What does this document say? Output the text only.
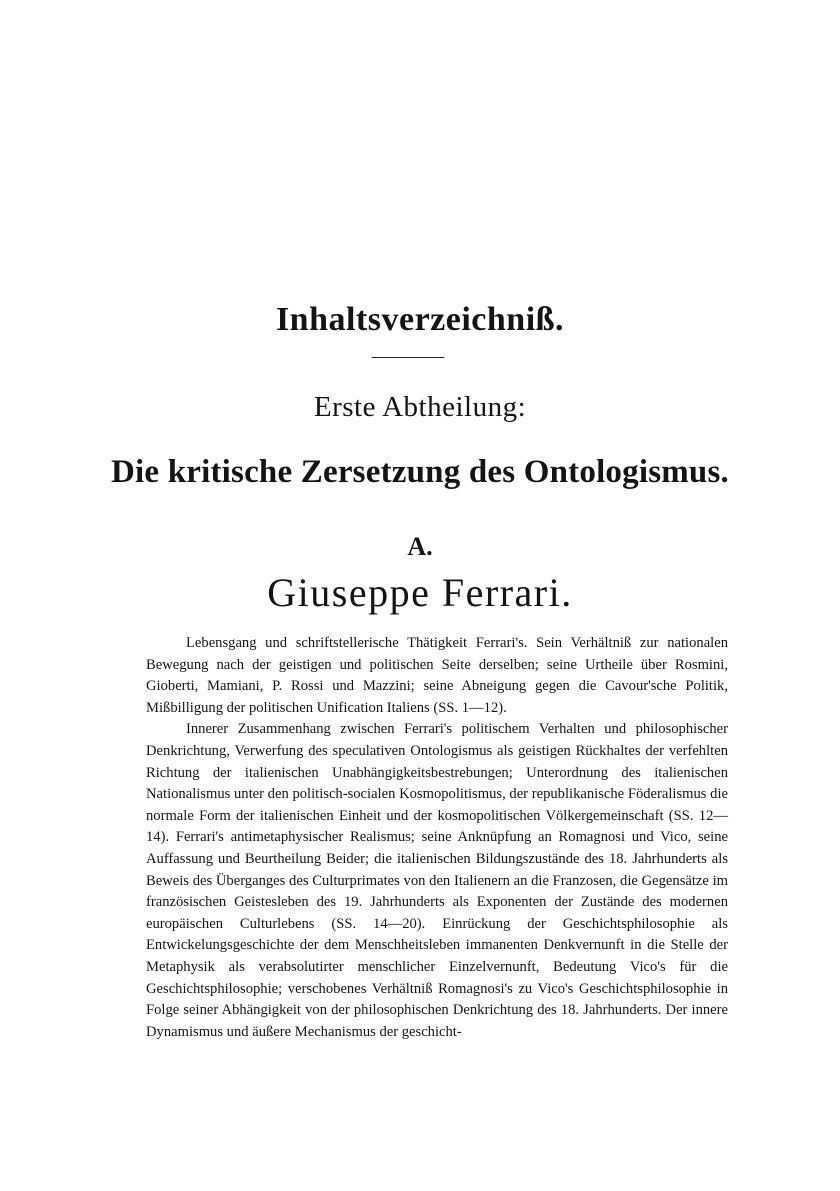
Inhaltsverzeichniß.
Erste Abtheilung:
Die kritische Zersetzung des Ontologismus.
A.
Giuseppe Ferrari.

Lebensgang und schriftstellerische Thätigkeit Ferrari's. Sein Verhältniß zur nationalen Bewegung nach der geistigen und politischen Seite derselben; seine Urtheile über Rosmini, Gioberti, Mamiani, P. Rossi und Mazzini; seine Abneigung gegen die Cavour'sche Politik, Mißbilligung der politischen Unification Italiens (SS. 1—12).

Innerer Zusammenhang zwischen Ferrari's politischem Verhalten und philosophischer Denkrichtung, Verwerfung des speculativen Ontologismus als geistigen Rückhaltes der verfehlten Richtung der italienischen Unabhängigkeitsbestrebungen; Unterordnung des italienischen Nationalismus unter den politisch-socialen Kosmopolitismus, der republikanische Föderalismus die normale Form der italienischen Einheit und der kosmopolitischen Völkergemeinschaft (SS. 12—14). Ferrari's antimetaphysischer Realismus; seine Anknüpfung an Romagnosi und Vico, seine Auffassung und Beurtheilung Beider; die italienischen Bildungszustände des 18. Jahrhunderts als Beweis des Überganges des Culturprimates von den Italienern an die Franzosen, die Gegensätze im französischen Geistesleben des 19. Jahrhunderts als Exponenten der Zustände des modernen europäischen Culturlebens (SS. 14—20). Einrückung der Geschichtsphilosophie als Entwickelungsgeschichte der dem Menschheitsleben immanenten Denkvernunft in die Stelle der Metaphysik als verabsolutirter menschlicher Einzelvernunft, Bedeutung Vico's für die Geschichtsphilosophie; verschobenes Verhältniß Romagnosi's zu Vico's Geschichtsphilosophie in Folge seiner Abhängigkeit von der philosophischen Denkrichtung des 18. Jahrhunderts. Der innere Dynamismus und äußere Mechanismus der geschicht-
